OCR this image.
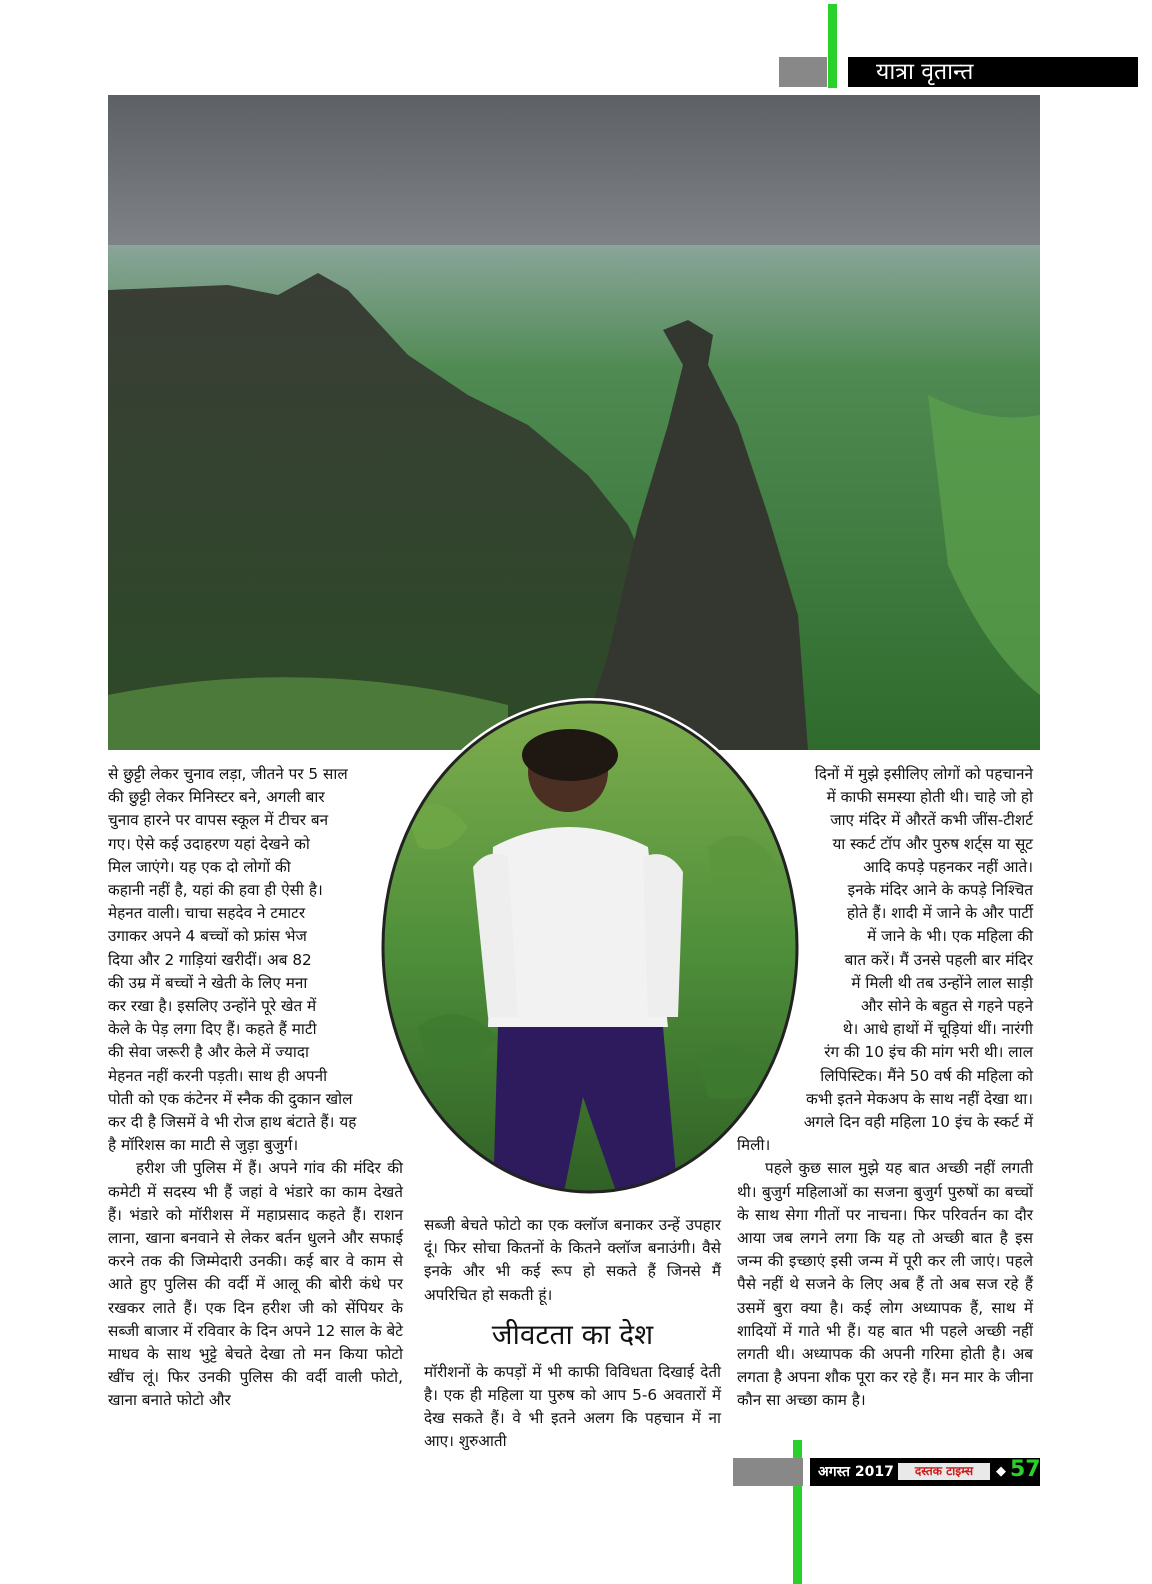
यात्रा वृतान्त

से छुट्टी लेकर चुनाव लड़ा, जीतने पर 5 साल

की छुट्टी लेकर मिनिस्टर बने, अगली बार

चुनाव हारने पर वापस स्कूल में टीचर बन

गए। ऐसे कई उदाहरण यहां देखने को

मिल जाएंगे। यह एक दो लोगों की

कहानी नहीं है, यहां की हवा ही ऐसी है।

मेहनत वाली। चाचा सहदेव ने टमाटर

उगाकर अपने 4 बच्चों को फ्रांस भेज

दिया और 2 गाड़ियां खरीदीं। अब 82

की उम्र में बच्चों ने खेती के लिए मना

कर रखा है। इसलिए उन्होंने पूरे खेत में

केले के पेड़ लगा दिए हैं। कहते हैं माटी

की सेवा जरूरी है और केले में ज्यादा

मेहनत नहीं करनी पड़ती। साथ ही अपनी

पोती को एक कंटेनर में स्नैक की दुकान खोल

कर दी है जिसमें वे भी रोज हाथ बंटाते हैं। यह

है मॉरिशस का माटी से जुड़ा बुजुर्ग।

हरीश जी पुलिस में हैं। अपने गांव की मंदिर की कमेटी में सदस्य भी हैं जहां वे भंडारे का काम देखते हैं। भंडारे को मॉरीशस में महाप्रसाद कहते हैं। राशन लाना, खाना बनवाने से लेकर बर्तन धुलने और सफाई करने तक की जिम्मेदारी उनकी। कई बार वे काम से आते हुए पुलिस की वर्दी में आलू की बोरी कंधे पर रखकर लाते हैं। एक दिन हरीश जी को सेंपियर के सब्जी बाजार में रविवार के दिन अपने 12 साल के बेटे माधव के साथ भुट्टे बेचते देखा तो मन किया फोटो खींच लूं। फिर उनकी पुलिस की वर्दी वाली फोटो, खाना बनाते फोटो और

सब्जी बेचते फोटो का एक क्लॉज बनाकर उन्हें उपहार दूं। फिर सोचा कितनों के कितने क्लॉज बनाउंगी। वैसे इनके और भी कई रूप हो सकते हैं जिनसे मैं अपरिचित हो सकती हूं।

जीवटता का देश

मॉरीशनों के कपड़ों में भी काफी विविधता दिखाई देती है। एक ही महिला या पुरुष को आप 5-6 अवतारों में देख सकते हैं। वे भी इतने अलग कि पहचान में ना आए। शुरुआती

दिनों में मुझे इसीलिए लोगों को पहचानने
में काफी समस्या होती थी। चाहे जो हो
जाए मंदिर में औरतें कभी जींस-टीशर्ट
या स्कर्ट टॉप और पुरुष शर्ट्स या सूट
आदि कपड़े पहनकर नहीं आते।
इनके मंदिर आने के कपड़े निश्चित
होते हैं। शादी में जाने के और पार्टी
में जाने के भी। एक महिला की
बात करें। मैं उनसे पहली बार मंदिर
में मिली थी तब उन्होंने लाल साड़ी
और सोने के बहुत से गहने पहने
थे। आधे हाथों में चूड़ियां थीं। नारंगी
रंग की 10 इंच की मांग भरी थी। लाल
लिपिस्टिक। मैंने 50 वर्ष की महिला को
कभी इतने मेकअप के साथ नहीं देखा था।
अगले दिन वही महिला 10 इंच के स्कर्ट में

मिली।

पहले कुछ साल मुझे यह बात अच्छी नहीं लगती थी। बुजुर्ग महिलाओं का सजना बुजुर्ग पुरुषों का बच्चों के साथ सेगा गीतों पर नाचना। फिर परिवर्तन का दौर आया जब लगने लगा कि यह तो अच्छी बात है इस जन्म की इच्छाएं इसी जन्म में पूरी कर ली जाएं। पहले पैसे नहीं थे सजने के लिए अब हैं तो अब सज रहे हैं उसमें बुरा क्या है। कई लोग अध्यापक हैं, साथ में शादियों में गाते भी हैं। यह बात भी पहले अच्छी नहीं लगती थी। अध्यापक की अपनी गरिमा होती है। अब लगता है अपना शौक पूरा कर रहे हैं। मन मार के जीना कौन सा अच्छा काम है।

अगस्त 2017	दस्तक टाइम्स	◆ 57
